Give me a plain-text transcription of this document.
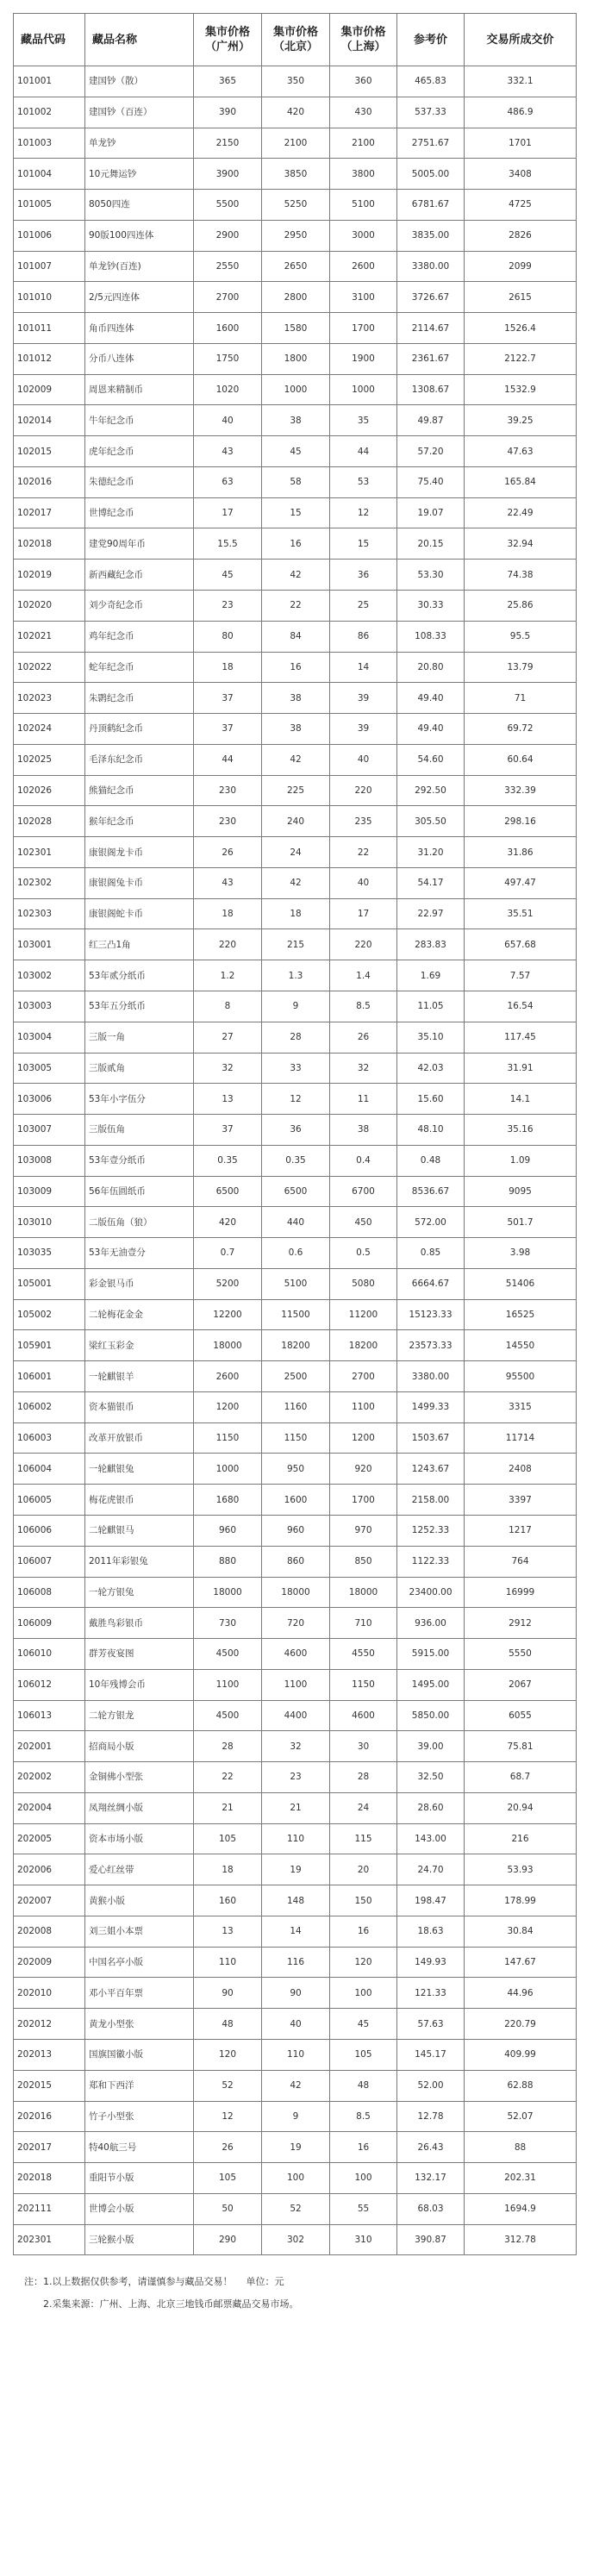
藏品代码	藏品名称	集市价格（广州）	集市价格（北京）	集市价格（上海）	参考价	交易所成交价
101001	建国钞（散）	365	350	360	465.83	332.1
101002	建国钞（百连）	390	420	430	537.33	486.9
101003	单龙钞	2150	2100	2100	2751.67	1701
101004	10元舞运钞	3900	3850	3800	5005.00	3408
101005	8050四连	5500	5250	5100	6781.67	4725
101006	90版100四连体	2900	2950	3000	3835.00	2826
101007	单龙钞(百连)	2550	2650	2600	3380.00	2099
101010	2/5元四连体	2700	2800	3100	3726.67	2615
101011	角币四连体	1600	1580	1700	2114.67	1526.4
101012	分币八连体	1750	1800	1900	2361.67	2122.7
102009	周恩来精制币	1020	1000	1000	1308.67	1532.9
102014	牛年纪念币	40	38	35	49.87	39.25
102015	虎年纪念币	43	45	44	57.20	47.63
102016	朱德纪念币	63	58	53	75.40	165.84
102017	世博纪念币	17	15	12	19.07	22.49
102018	建党90周年币	15.5	16	15	20.15	32.94
102019	新西藏纪念币	45	42	36	53.30	74.38
102020	刘少奇纪念币	23	22	25	30.33	25.86
102021	鸡年纪念币	80	84	86	108.33	95.5
102022	蛇年纪念币	18	16	14	20.80	13.79
102023	朱鹮纪念币	37	38	39	49.40	71
102024	丹顶鹤纪念币	37	38	39	49.40	69.72
102025	毛泽东纪念币	44	42	40	54.60	60.64
102026	熊猫纪念币	230	225	220	292.50	332.39
102028	猴年纪念币	230	240	235	305.50	298.16
102301	康银阁龙卡币	26	24	22	31.20	31.86
102302	康银阁兔卡币	43	42	40	54.17	497.47
102303	康银阁蛇卡币	18	18	17	22.97	35.51
103001	红三凸1角	220	215	220	283.83	657.68
103002	53年贰分纸币	1.2	1.3	1.4	1.69	7.57
103003	53年五分纸币	8	9	8.5	11.05	16.54
103004	三版一角	27	28	26	35.10	117.45
103005	三版贰角	32	33	32	42.03	31.91
103006	53年小字伍分	13	12	11	15.60	14.1
103007	三版伍角	37	36	38	48.10	35.16
103008	53年壹分纸币	0.35	0.35	0.4	0.48	1.09
103009	56年伍圆纸币	6500	6500	6700	8536.67	9095
103010	二版伍角（狼）	420	440	450	572.00	501.7
103035	53年无油壹分	0.7	0.6	0.5	0.85	3.98
105001	彩金银马币	5200	5100	5080	6664.67	51406
105002	二轮梅花金金	12200	11500	11200	15123.33	16525
105901	梁红玉彩金	18000	18200	18200	23573.33	14550
106001	一轮麒银羊	2600	2500	2700	3380.00	95500
106002	资本猫银币	1200	1160	1100	1499.33	3315
106003	改革开放银币	1150	1150	1200	1503.67	11714
106004	一轮麒银兔	1000	950	920	1243.67	2408
106005	梅花虎银币	1680	1600	1700	2158.00	3397
106006	二轮麒银马	960	960	970	1252.33	1217
106007	2011年彩银兔	880	860	850	1122.33	764
106008	一轮方银兔	18000	18000	18000	23400.00	16999
106009	戴胜鸟彩银币	730	720	710	936.00	2912
106010	群芳夜宴图	4500	4600	4550	5915.00	5550
106012	10年残博会币	1100	1100	1150	1495.00	2067
106013	二轮方银龙	4500	4400	4600	5850.00	6055
202001	招商局小版	28	32	30	39.00	75.81
202002	金铜佛小型张	22	23	28	32.50	68.7
202004	凤翔丝绸小版	21	21	24	28.60	20.94
202005	资本市场小版	105	110	115	143.00	216
202006	爱心红丝带	18	19	20	24.70	53.93
202007	黄猴小版	160	148	150	198.47	178.99
202008	刘三姐小本票	13	14	16	18.63	30.84
202009	中国名亭小版	110	116	120	149.93	147.67
202010	邓小平百年票	90	90	100	121.33	44.96
202012	黄龙小型张	48	40	45	57.63	220.79
202013	国旗国徽小版	120	110	105	145.17	409.99
202015	郑和下西洋	52	42	48	52.00	62.88
202016	竹子小型张	12	9	8.5	12.78	52.07
202017	特40航三号	26	19	16	26.43	88
202018	重阳节小版	105	100	100	132.17	202.31
202111	世博会小版	50	52	55	68.03	1694.9
202301	三轮猴小版	290	302	310	390.87	312.78
注：1.以上数据仅供参考，请谨慎参与藏品交易！ 单位：元
2.采集来源：广州、上海、北京三地钱币邮票藏品交易市场。
